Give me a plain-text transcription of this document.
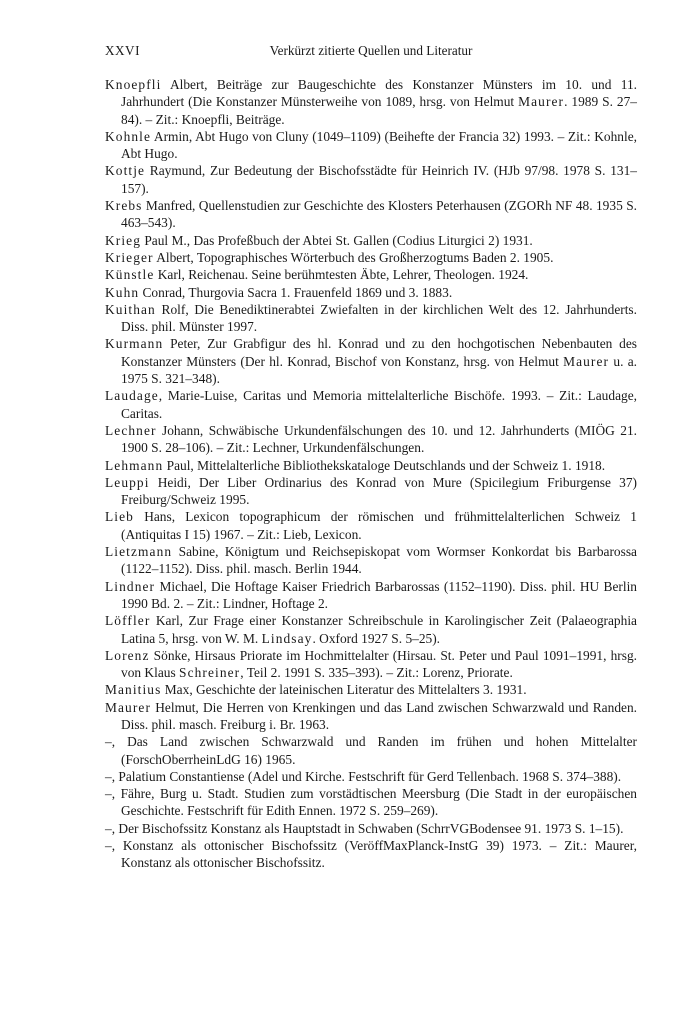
XXVI	Verkürzt zitierte Quellen und Literatur
Knoepfli Albert, Beiträge zur Baugeschichte des Konstanzer Münsters im 10. und 11. Jahrhundert (Die Konstanzer Münsterweihe von 1089, hrsg. von Helmut Maurer. 1989 S. 27–84). – Zit.: Knoepfli, Beiträge.
Kohnle Armin, Abt Hugo von Cluny (1049–1109) (Beihefte der Francia 32) 1993. – Zit.: Kohnle, Abt Hugo.
Kottje Raymund, Zur Bedeutung der Bischofsstädte für Heinrich IV. (HJb 97/98. 1978 S. 131–157).
Krebs Manfred, Quellenstudien zur Geschichte des Klosters Peterhausen (ZGORh NF 48. 1935 S. 463–543).
Krieg Paul M., Das Profeßbuch der Abtei St. Gallen (Codius Liturgici 2) 1931.
Krieger Albert, Topographisches Wörterbuch des Großherzogtums Baden 2. 1905.
Künstle Karl, Reichenau. Seine berühmtesten Äbte, Lehrer, Theologen. 1924.
Kuhn Conrad, Thurgovia Sacra 1. Frauenfeld 1869 und 3. 1883.
Kuithan Rolf, Die Benediktinerabtei Zwiefalten in der kirchlichen Welt des 12. Jahrhunderts. Diss. phil. Münster 1997.
Kurmann Peter, Zur Grabfigur des hl. Konrad und zu den hochgotischen Nebenbauten des Konstanzer Münsters (Der hl. Konrad, Bischof von Konstanz, hrsg. von Helmut Maurer u. a. 1975 S. 321–348).
Laudage, Marie-Luise, Caritas und Memoria mittelalterliche Bischöfe. 1993. – Zit.: Laudage, Caritas.
Lechner Johann, Schwäbische Urkundenfälschungen des 10. und 12. Jahrhunderts (MIÖG 21. 1900 S. 28–106). – Zit.: Lechner, Urkundenfälschungen.
Lehmann Paul, Mittelalterliche Bibliothekskataloge Deutschlands und der Schweiz 1. 1918.
Leuppi Heidi, Der Liber Ordinarius des Konrad von Mure (Spicilegium Friburgense 37) Freiburg/Schweiz 1995.
Lieb Hans, Lexicon topographicum der römischen und frühmittelalterlichen Schweiz 1 (Antiquitas I 15) 1967. – Zit.: Lieb, Lexicon.
Lietzmann Sabine, Königtum und Reichsepiskopat vom Wormser Konkordat bis Barbarossa (1122–1152). Diss. phil. masch. Berlin 1944.
Lindner Michael, Die Hoftage Kaiser Friedrich Barbarossas (1152–1190). Diss. phil. HU Berlin 1990 Bd. 2. – Zit.: Lindner, Hoftage 2.
Löffler Karl, Zur Frage einer Konstanzer Schreibschule in Karolingischer Zeit (Palaeographia Latina 5, hrsg. von W. M. Lindsay. Oxford 1927 S. 5–25).
Lorenz Sönke, Hirsaus Priorate im Hochmittelalter (Hirsau. St. Peter und Paul 1091–1991, hrsg. von Klaus Schreiner, Teil 2. 1991 S. 335–393). – Zit.: Lorenz, Priorate.
Manitius Max, Geschichte der lateinischen Literatur des Mittelalters 3. 1931.
Maurer Helmut, Die Herren von Krenkingen und das Land zwischen Schwarzwald und Randen. Diss. phil. masch. Freiburg i. Br. 1963.
–, Das Land zwischen Schwarzwald und Randen im frühen und hohen Mittelalter (ForschOberrheinLdG 16) 1965.
–, Palatium Constantiense (Adel und Kirche. Festschrift für Gerd Tellenbach. 1968 S. 374–388).
–, Fähre, Burg u. Stadt. Studien zum vorstädtischen Meersburg (Die Stadt in der europäischen Geschichte. Festschrift für Edith Ennen. 1972 S. 259–269).
–, Der Bischofssitz Konstanz als Hauptstadt in Schwaben (SchrrVGBodensee 91. 1973 S. 1–15).
–, Konstanz als ottonischer Bischofssitz (VeröffMaxPlanck-InstG 39) 1973. – Zit.: Maurer, Konstanz als ottonischer Bischofssitz.
